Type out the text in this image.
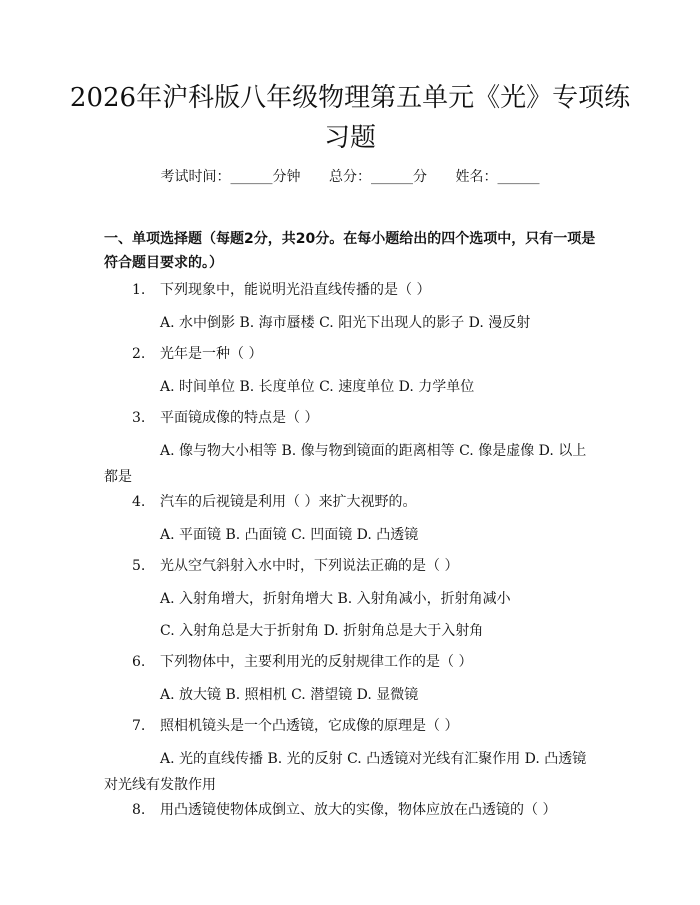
2026年沪科版八年级物理第五单元《光》专项练习题
考试时间：______分钟 总分：______分 姓名：______
一、单项选择题（每题2分，共20分。在每小题给出的四个选项中，只有一项是符合题目要求的。）
1. 下列现象中，能说明光沿直线传播的是（ ）
A. 水中倒影 B. 海市蜃楼 C. 阳光下出现人的影子 D. 漫反射
2. 光年是一种（ ）
A. 时间单位 B. 长度单位 C. 速度单位 D. 力学单位
3. 平面镜成像的特点是（ ）
A. 像与物大小相等 B. 像与物到镜面的距离相等 C. 像是虚像 D. 以上都是
4. 汽车的后视镜是利用（ ）来扩大视野的。
A. 平面镜 B. 凸面镜 C. 凹面镜 D. 凸透镜
5. 光从空气斜射入水中时，下列说法正确的是（ ）
A. 入射角增大，折射角增大 B. 入射角减小，折射角减小
C. 入射角总是大于折射角 D. 折射角总是大于入射角
6. 下列物体中，主要利用光的反射规律工作的是（ ）
A. 放大镜 B. 照相机 C. 潜望镜 D. 显微镜
7. 照相机镜头是一个凸透镜，它成像的原理是（ ）
A. 光的直线传播 B. 光的反射 C. 凸透镜对光线有汇聚作用 D. 凸透镜对光线有发散作用
8. 用凸透镜使物体成倒立、放大的实像，物体应放在凸透镜的（ ）
